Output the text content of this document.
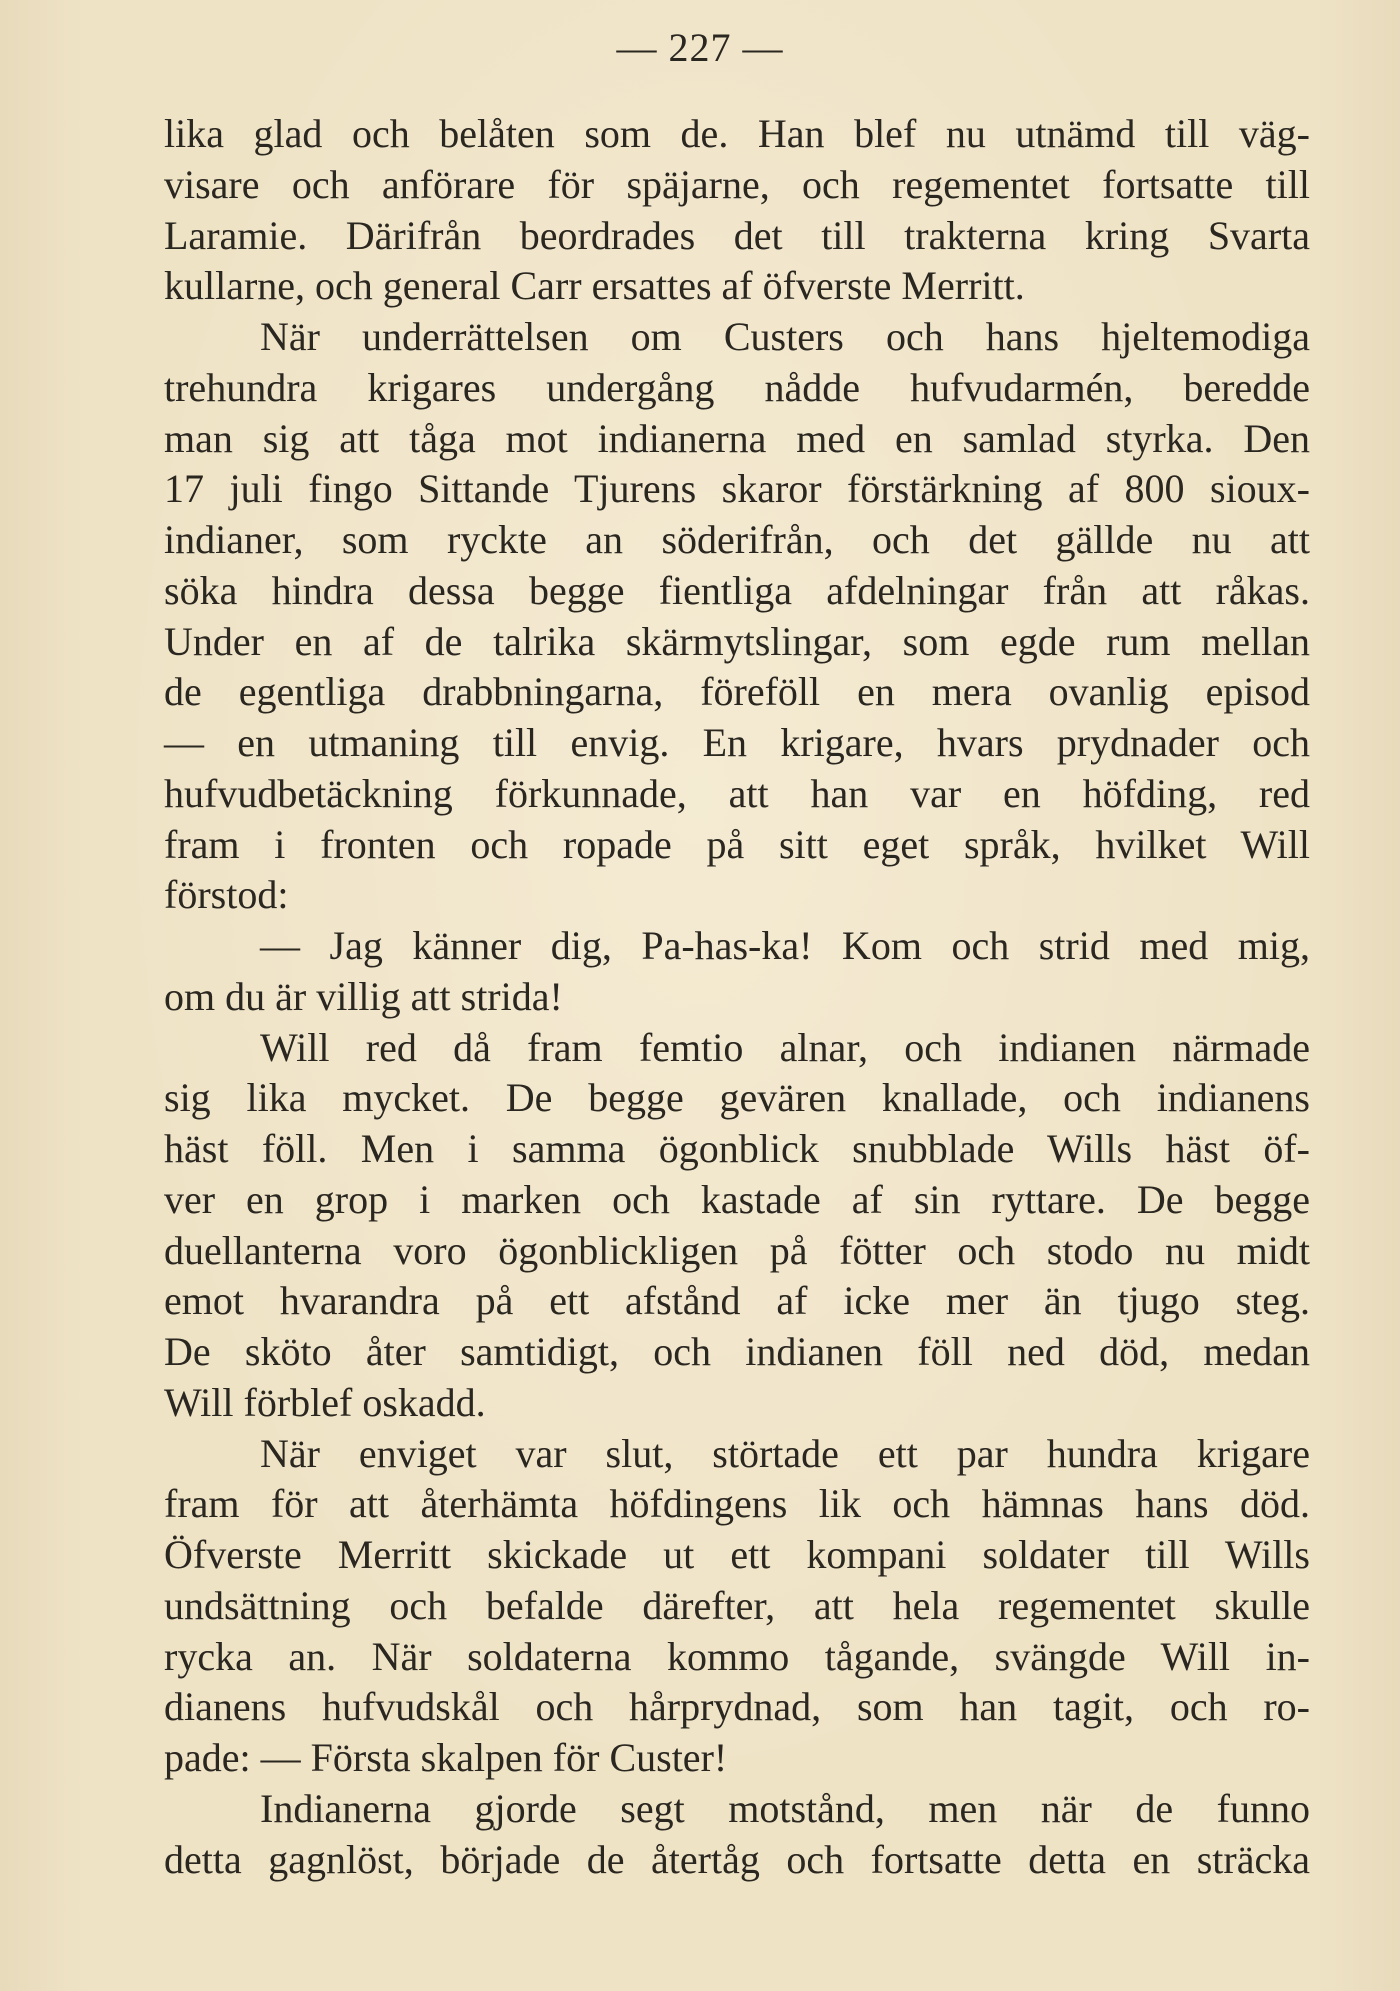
— 227 —
lika glad och belåten som de. Han blef nu utnämd till väg-
visare och anförare för späjarne, och regementet fortsatte till
Laramie. Därifrån beordrades det till trakterna kring Svarta
kullarne, och general Carr ersattes af öfverste Merritt.
När underrättelsen om Custers och hans hjeltemodiga
trehundra krigares undergång nådde hufvudarmén, beredde
man sig att tåga mot indianerna med en samlad styrka. Den
17 juli fingo Sittande Tjurens skaror förstärkning af 800 sioux-
indianer, som ryckte an söderifrån, och det gällde nu att
söka hindra dessa begge fientliga afdelningar från att råkas.
Under en af de talrika skärmytslingar, som egde rum mellan
de egentliga drabbningarna, föreföll en mera ovanlig episod
— en utmaning till envig. En krigare, hvars prydnader och
hufvudbetäckning förkunnade, att han var en höfding, red
fram i fronten och ropade på sitt eget språk, hvilket Will
förstod:
— Jag känner dig, Pa-has-ka! Kom och strid med mig,
om du är villig att strida!
Will red då fram femtio alnar, och indianen närmade
sig lika mycket. De begge gevären knallade, och indianens
häst föll. Men i samma ögonblick snubblade Wills häst öf-
ver en grop i marken och kastade af sin ryttare. De begge
duellanterna voro ögonblickligen på fötter och stodo nu midt
emot hvarandra på ett afstånd af icke mer än tjugo steg.
De sköto åter samtidigt, och indianen föll ned död, medan
Will förblef oskadd.
När enviget var slut, störtade ett par hundra krigare
fram för att återhämta höfdingens lik och hämnas hans död.
Öfverste Merritt skickade ut ett kompani soldater till Wills
undsättning och befalde därefter, att hela regementet skulle
rycka an. När soldaterna kommo tågande, svängde Will in-
dianens hufvudskål och hårprydnad, som han tagit, och ro-
pade: — Första skalpen för Custer!
Indianerna gjorde segt motstånd, men när de funno
detta gagnlöst, började de återtåg och fortsatte detta en sträcka
